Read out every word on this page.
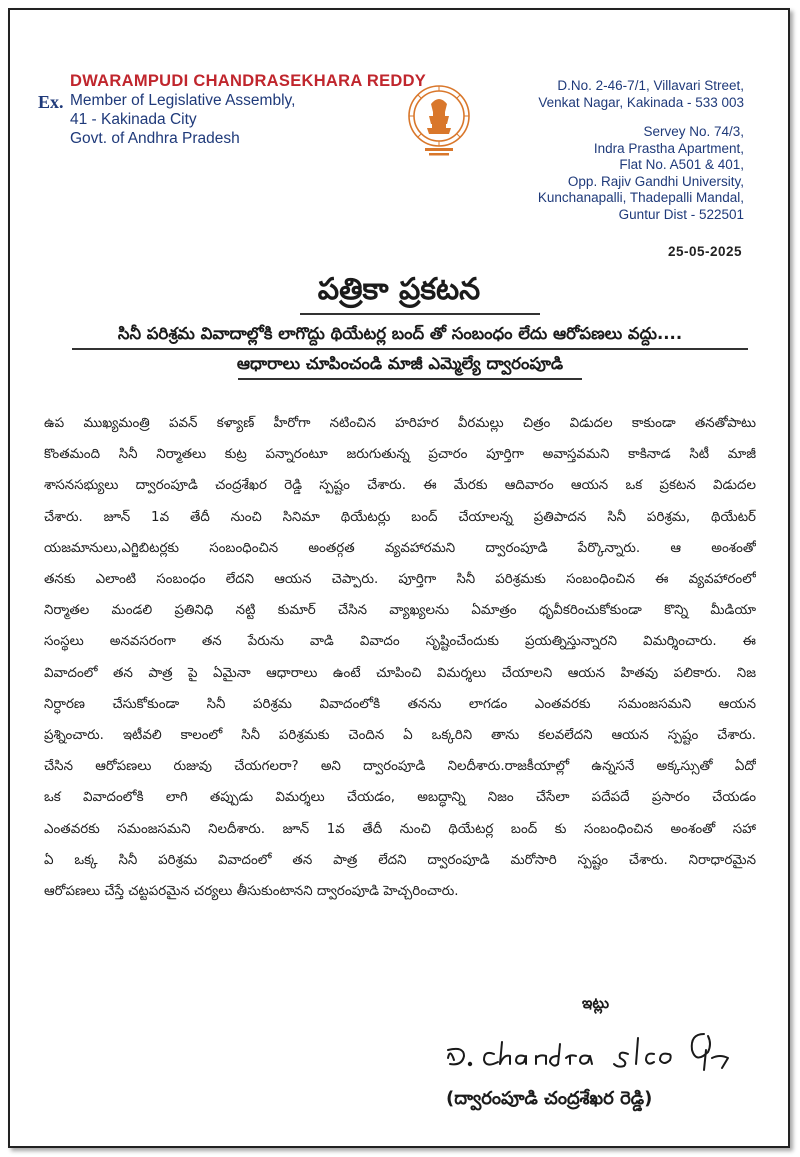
Ex.
DWARAMPUDI CHANDRASEKHARA REDDY
Member of Legislative Assembly,
41 - Kakinada City
Govt. of Andhra Pradesh
D.No. 2-46-7/1, Villavari Street,
Venkat Nagar, Kakinada - 533 003
Servey No. 74/3,
Indra Prastha Apartment,
Flat No. A501 & 401,
Opp. Rajiv Gandhi University,
Kunchanapalli, Thadepalli Mandal,
Guntur Dist - 522501
25-05-2025
పత్రికా ప్రకటన
సినీ పరిశ్రమ వివాదాల్లోకి లాగొద్దు థియేటర్ల బంద్ తో సంబంధం లేదు ఆరోపణలు వద్దు....
ఆధారాలు చూపించండి మాజీ ఎమ్మెల్యే ద్వారంపూడి
ఉప ముఖ్యమంత్రి పవన్ కళ్యాణ్ హీరోగా నటించిన హరిహర వీరమల్లు చిత్రం విడుదల కాకుండా తనతోపాటు
కొంతమంది సినీ నిర్మాతలు కుట్ర పన్నారంటూ జరుగుతున్న ప్రచారం పూర్తిగా అవాస్తవమని కాకినాడ సిటీ మాజీ
శాసనసభ్యులు ద్వారంపూడి చంద్రశేఖర రెడ్డి స్పష్టం చేశారు. ఈ మేరకు ఆదివారం ఆయన ఒక ప్రకటన విడుదల
చేశారు. జూన్ 1వ తేదీ నుంచి సినిమా థియేటర్లు బంద్ చేయాలన్న ప్రతిపాదన సినీ పరిశ్రమ, థియేటర్
యజమానులు,ఎగ్జిబిటర్లకు సంబంధించిన అంతర్గత వ్యవహారమని ద్వారంపూడి పేర్కొన్నారు. ఆ అంశంతో
తనకు ఎలాంటి సంబంధం లేదని ఆయన చెప్పారు. పూర్తిగా సినీ పరిశ్రమకు సంబంధించిన ఈ వ్యవహారంలో
నిర్మాతల మండలి ప్రతినిధి నట్టి కుమార్ చేసిన వ్యాఖ్యలను ఏమాత్రం ధృవీకరించుకోకుండా కొన్ని మీడియా
సంస్థలు అనవసరంగా తన పేరును వాడి వివాదం సృష్టించేందుకు ప్రయత్నిస్తున్నారని విమర్శించారు. ఈ
వివాదంలో తన పాత్ర పై ఏమైనా ఆధారాలు ఉంటే చూపించి విమర్శలు చేయాలని ఆయన హితవు పలికారు. నిజ
నిర్ధారణ చేసుకోకుండా సినీ పరిశ్రమ వివాదంలోకి తనను లాగడం ఎంతవరకు సమంజసమని ఆయన
ప్రశ్నించారు. ఇటీవలి కాలంలో సినీ పరిశ్రమకు చెందిన ఏ ఒక్కరిని తాను కలవలేదని ఆయన స్పష్టం చేశారు.
చేసిన ఆరోపణలు రుజువు చేయగలరా? అని ద్వారంపూడి నిలదీశారు.రాజకీయాల్లో ఉన్నసనే అక్కస్సుతో ఏదో
ఒక వివాదంలోకి లాగి తప్పుడు విమర్శలు చేయడం, అబద్ధాన్ని నిజం చేసేలా పదేపదే ప్రసారం చేయడం
ఎంతవరకు సమంజసమని నిలదీశారు. జూన్ 1వ తేదీ నుంచి థియేటర్ల బంద్ కు సంబంధించిన అంశంతో సహా
ఏ ఒక్క సినీ పరిశ్రమ వివాదంలో తన పాత్ర లేదని ద్వారంపూడి మరోసారి స్పష్టం చేశారు. నిరాధారమైన
ఆరోపణలు చేస్తే చట్టపరమైన చర్యలు తీసుకుంటానని ద్వారంపూడి హెచ్చరించారు.
ఇట్లు
(ద్వారంపూడి చంద్రశేఖర రెడ్డి)
